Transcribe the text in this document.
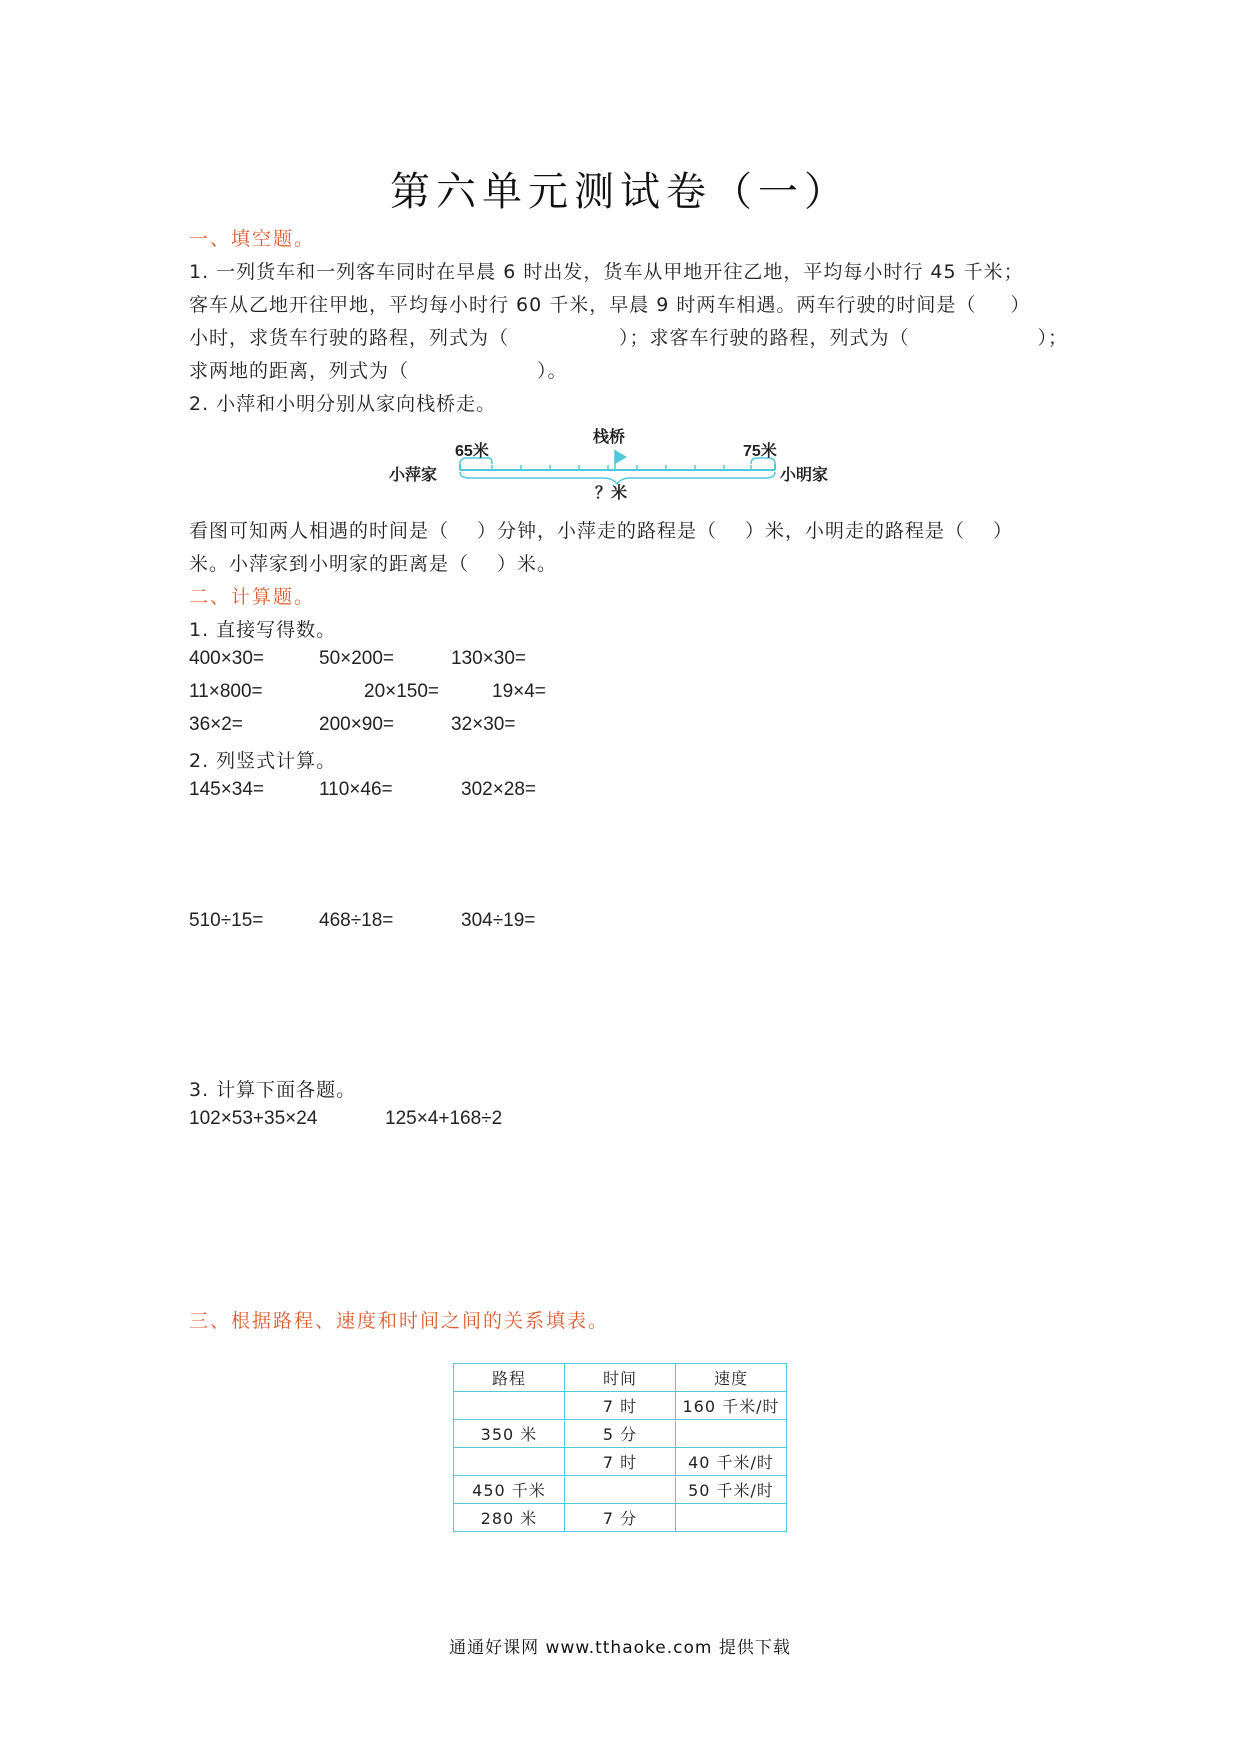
第六单元测试卷（一）
一、填空题。
1. 一列货车和一列客车同时在早晨 6 时出发，货车从甲地开往乙地，平均每小时行 45 千米；
客车从乙地开往甲地，平均每小时行 60 千米，早晨 9 时两车相遇。两车行驶的时间是（ ）
小时，求货车行驶的路程，列式为（	）；求客车行驶的路程，列式为（	）；
求两地的距离，列式为（	）。
2. 小萍和小明分别从家向栈桥走。
小萍家	小明家
栈桥
65米	75米
？米
看图可知两人相遇的时间是（ ）分钟，小萍走的路程是（ ）米，小明走的路程是（ ）
米。小萍家到小明家的距离是（ ）米。
二、计算题。
1. 直接写得数。
400×30=	50×200=	130×30=
11×800=	20×150=	19×4=
36×2=	200×90=	32×30=
2. 列竖式计算。
145×34=	110×46=	302×28=
510÷15=	468÷18=	304÷19=
3. 计算下面各题。
102×53+35×24	125×4+168÷2
三、根据路程、速度和时间之间的关系填表。
路程	时间	速度
	7 时	160 千米/时
350 米	5 分	
	7 时	40 千米/时
450 千米		50 千米/时
280 米	7 分	
通通好课网 www.tthaoke.com 提供下载
